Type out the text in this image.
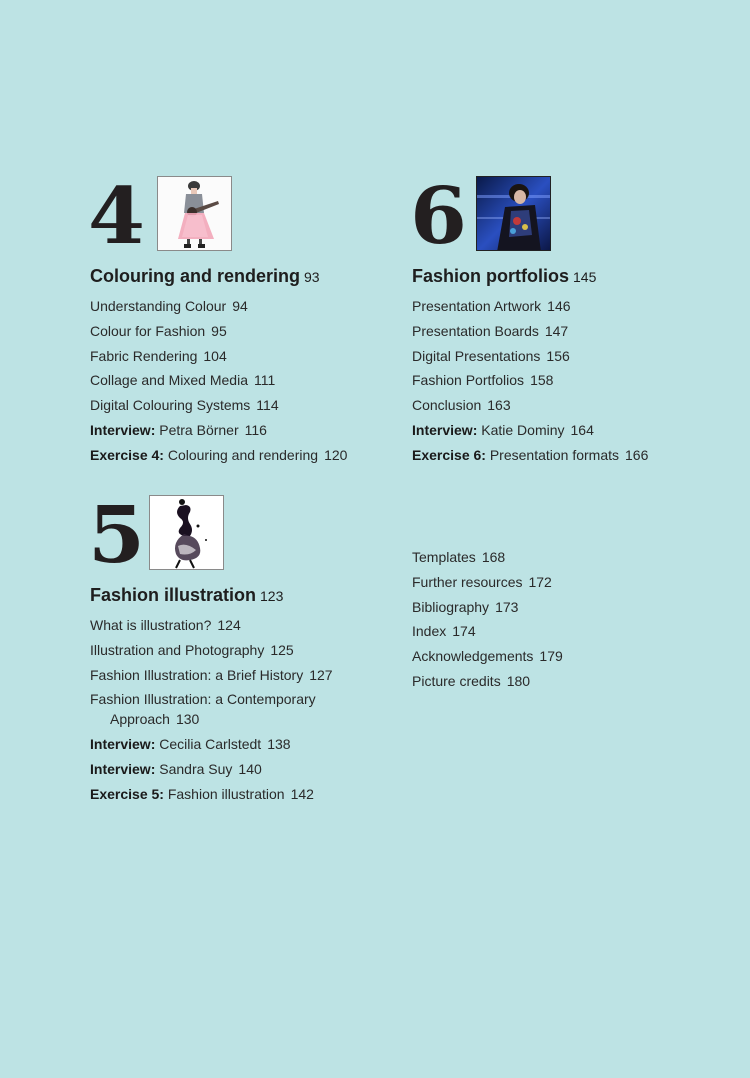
4
Colouring and rendering 93
Understanding Colour 94
Colour for Fashion 95
Fabric Rendering 104
Collage and Mixed Media 111
Digital Colouring Systems 114
Interview: Petra Börner 116
Exercise 4: Colouring and rendering 120
6
Fashion portfolios 145
Presentation Artwork 146
Presentation Boards 147
Digital Presentations 156
Fashion Portfolios 158
Conclusion 163
Interview: Katie Dominy 164
Exercise 6: Presentation formats 166
5
Fashion illustration 123
What is illustration? 124
Illustration and Photography 125
Fashion Illustration: a Brief History 127
Fashion Illustration: a Contemporary Approach 130
Interview: Cecilia Carlstedt 138
Interview: Sandra Suy 140
Exercise 5: Fashion illustration 142
Templates 168
Further resources 172
Bibliography 173
Index 174
Acknowledgements 179
Picture credits 180
